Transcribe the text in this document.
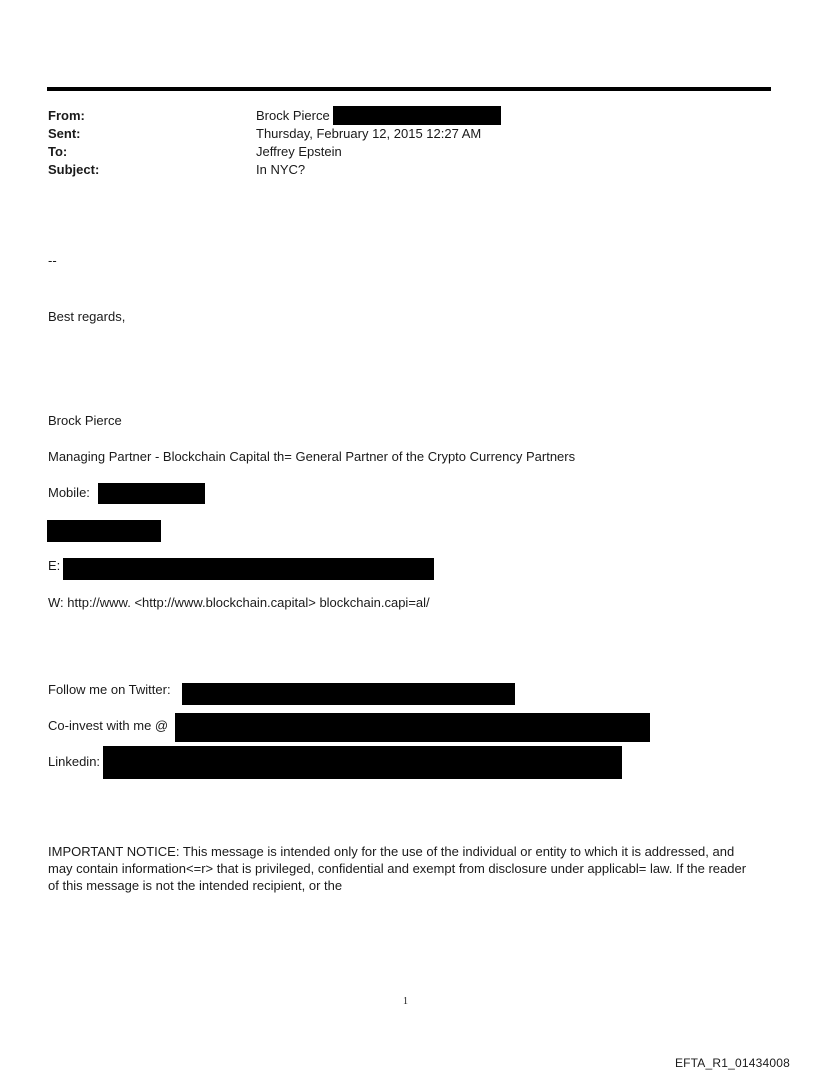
From:	Brock Pierce
Sent:	Thursday, February 12, 2015 12:27 AM
To:	Jeffrey Epstein
Subject:	In NYC?
--
Best regards,
Brock Pierce
Managing Partner - Blockchain Capital th= General Partner of the Crypto Currency Partners
Mobile:
E:
W: http://www. <http://www.blockchain.capital> blockchain.capi=al/
Follow me on Twitter:
Co-invest with me @
Linkedin:
IMPORTANT NOTICE: This message is intended only for the use of the individual or entity to which it is addressed, and may contain information<=r> that is privileged, confidential and exempt from disclosure under applicabl= law. If the reader of this message is not the intended recipient, or the
1
EFTA_R1_01434008
